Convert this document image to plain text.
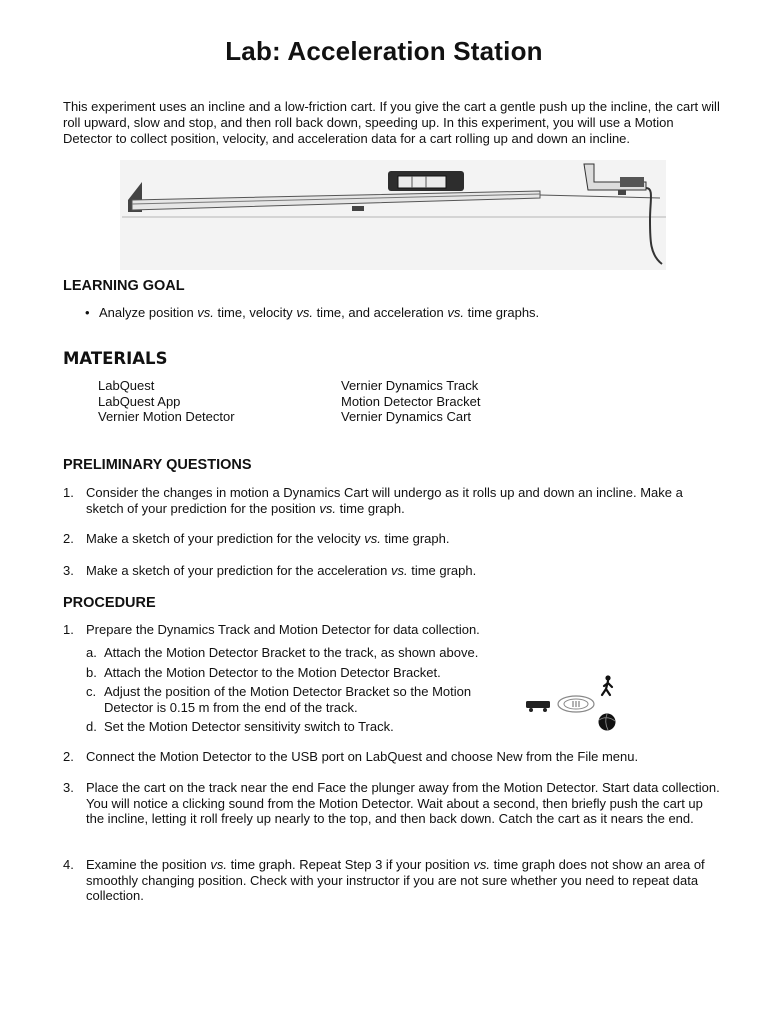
Lab: Acceleration Station
This experiment uses an incline and a low-friction cart. If you give the cart a gentle push up the incline, the cart will roll upward, slow and stop, and then roll back down, speeding up. In this experiment, you will use a Motion Detector to collect position, velocity, and acceleration data for a cart rolling up and down an incline.
LEARNING GOAL
• Analyze position vs. time, velocity vs. time, and acceleration vs. time graphs.
MATERIALS
LabQuest
LabQuest App
Vernier Motion Detector
Vernier Dynamics Track
Motion Detector Bracket
Vernier Dynamics Cart
PRELIMINARY QUESTIONS
1. Consider the changes in motion a Dynamics Cart will undergo as it rolls up and down an incline. Make a sketch of your prediction for the position vs. time graph.
2. Make a sketch of your prediction for the velocity vs. time graph.
3. Make a sketch of your prediction for the acceleration vs. time graph.
PROCEDURE
1. Prepare the Dynamics Track and Motion Detector for data collection.
a. Attach the Motion Detector Bracket to the track, as shown above.
b. Attach the Motion Detector to the Motion Detector Bracket.
c. Adjust the position of the Motion Detector Bracket so the Motion Detector is 0.15 m from the end of the track.
d. Set the Motion Detector sensitivity switch to Track.
2. Connect the Motion Detector to the USB port on LabQuest and choose New from the File menu.
3. Place the cart on the track near the end Face the plunger away from the Motion Detector. Start data collection. You will notice a clicking sound from the Motion Detector. Wait about a second, then briefly push the cart up the incline, letting it roll freely up nearly to the top, and then back down. Catch the cart as it nears the end.
4. Examine the position vs. time graph. Repeat Step 3 if your position vs. time graph does not show an area of smoothly changing position. Check with your instructor if you are not sure whether you need to repeat data collection.
